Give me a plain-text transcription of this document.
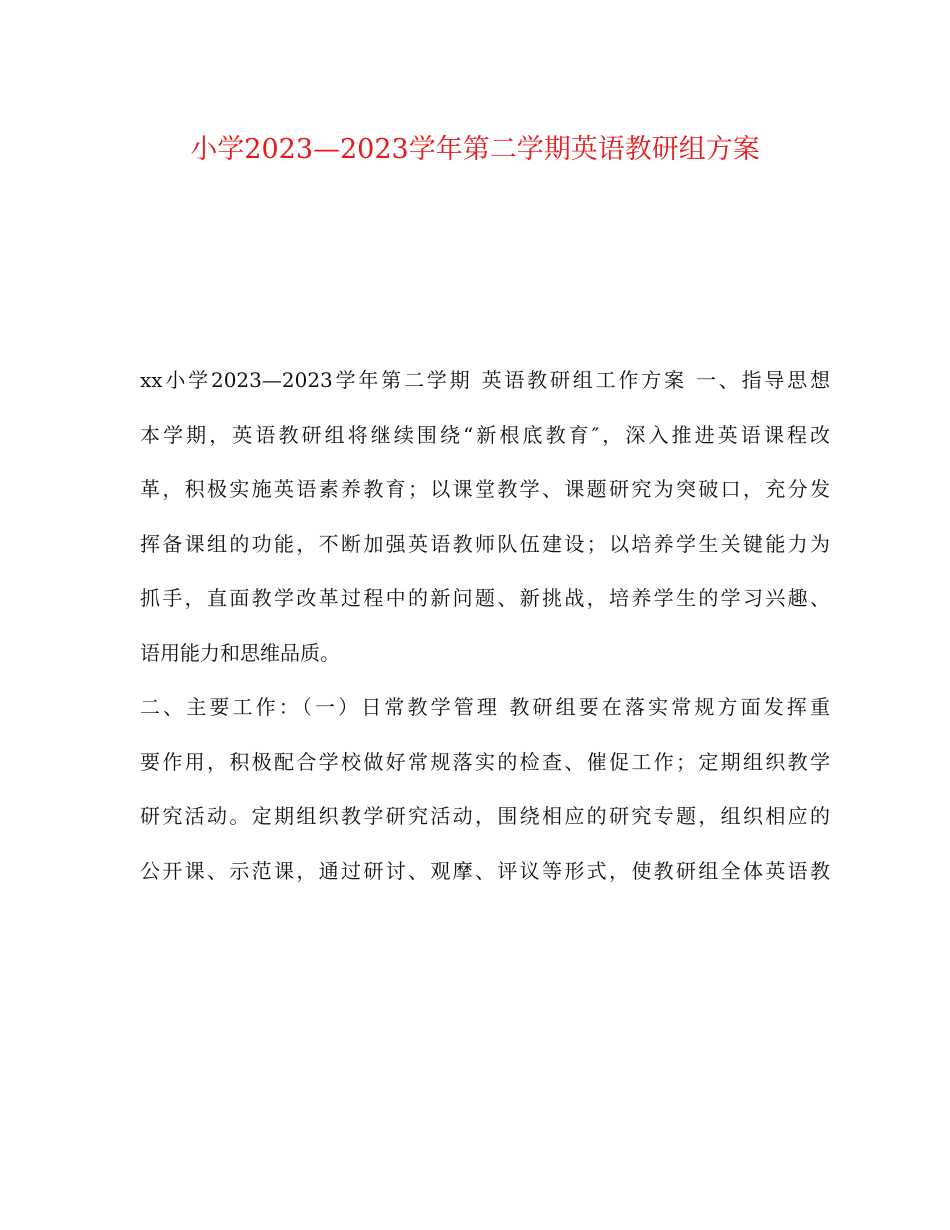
小学2023—2023学年第二学期英语教研组方案
xx小学2023—2023学年第二学期 英语教研组工作方案 一、指导思想
本学期，英语教研组将继续围绕“新根底教育″，深入推进英语课程改
革，积极实施英语素养教育；以课堂教学、课题研究为突破口，充分发
挥备课组的功能，不断加强英语教师队伍建设；以培养学生关键能力为
抓手，直面教学改革过程中的新问题、新挑战，培养学生的学习兴趣、
语用能力和思维品质。
二、主要工作：（一）日常教学管理 教研组要在落实常规方面发挥重
要作用，积极配合学校做好常规落实的检查、催促工作；定期组织教学
研究活动。定期组织教学研究活动，围绕相应的研究专题，组织相应的
公开课、示范课，通过研讨、观摩、评议等形式，使教研组全体英语教
